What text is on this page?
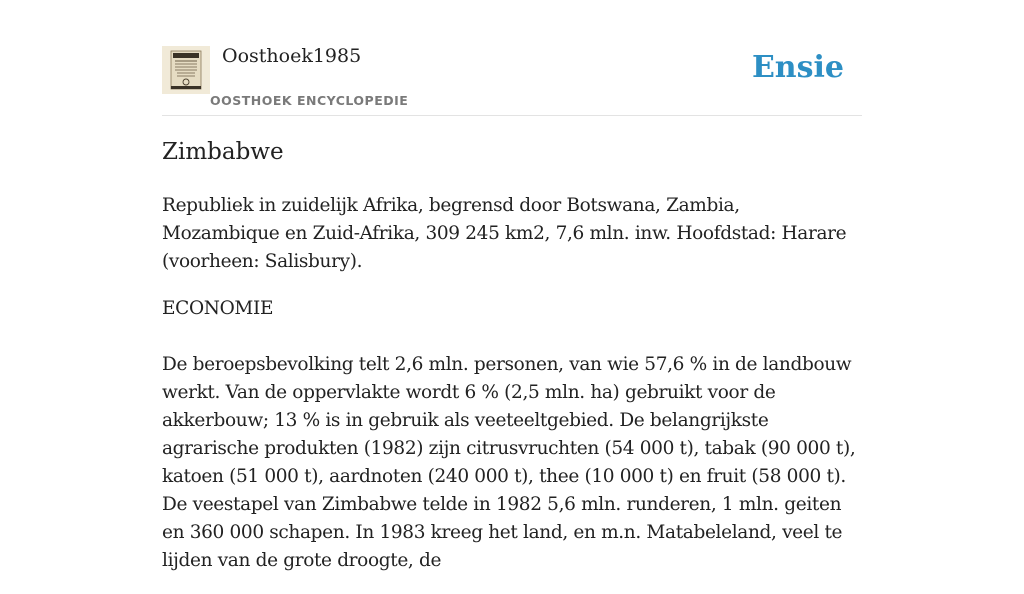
Oosthoek1985
OOSTHOEK ENCYCLOPEDIE
Ensie
Zimbabwe

Republiek in zuidelijk Afrika, begrensd door Botswana, Zambia, Mozambique en Zuid-Afrika, 309 245 km2, 7,6 mln. inw. Hoofdstad: Harare (voorheen: Salisbury).

ECONOMIE

De beroepsbevolking telt 2,6 mln. personen, van wie 57,6 % in de landbouw werkt. Van de oppervlakte wordt 6 % (2,5 mln. ha) gebruikt voor de akkerbouw; 13 % is in gebruik als veeteeltgebied. De belangrijkste agrarische produkten (1982) zijn citrusvruchten (54 000 t), tabak (90 000 t), katoen (51 000 t), aardnoten (240 000 t), thee (10 000 t) en fruit (58 000 t). De veestapel van Zimbabwe telde in 1982 5,6 mln. runderen, 1 mln. geiten en 360 000 schapen. In 1983 kreeg het land, en m.n. Matabeleland, veel te lijden van de grote droogte, de
